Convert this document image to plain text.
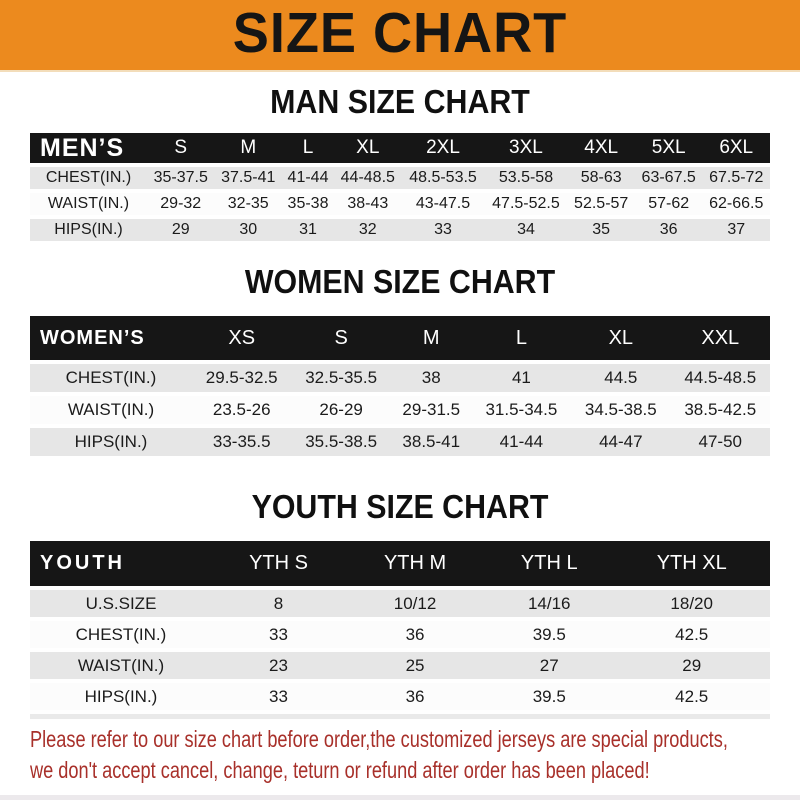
SIZE CHART
MAN SIZE CHART
MEN’S	S	M	L	XL	2XL	3XL	4XL	5XL	6XL
CHEST(IN.)	35-37.5	37.5-41	41-44	44-48.5	48.5-53.5	53.5-58	58-63	63-67.5	67.5-72
WAIST(IN.)	29-32	32-35	35-38	38-43	43-47.5	47.5-52.5	52.5-57	57-62	62-66.5
HIPS(IN.)	29	30	31	32	33	34	35	36	37
WOMEN SIZE CHART
WOMEN’S	XS	S	M	L	XL	XXL
CHEST(IN.)	29.5-32.5	32.5-35.5	38	41	44.5	44.5-48.5
WAIST(IN.)	23.5-26	26-29	29-31.5	31.5-34.5	34.5-38.5	38.5-42.5
HIPS(IN.)	33-35.5	35.5-38.5	38.5-41	41-44	44-47	47-50
YOUTH SIZE CHART
YOUTH	YTH S	YTH M	YTH L	YTH XL
U.S.SIZE	8	10/12	14/16	18/20
CHEST(IN.)	33	36	39.5	42.5
WAIST(IN.)	23	25	27	29
HIPS(IN.)	33	36	39.5	42.5

Please refer to our size chart before order,the customized jerseys are special products,

we don't accept cancel, change, teturn or refund after order has been placed!
